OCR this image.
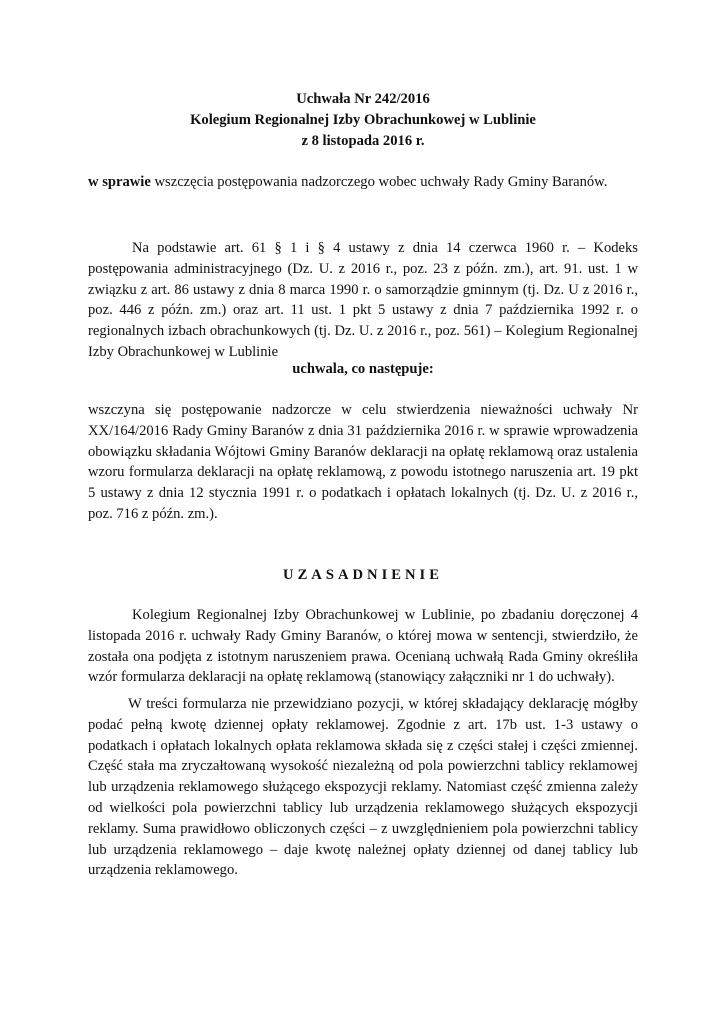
Uchwała Nr 242/2016
Kolegium Regionalnej Izby Obrachunkowej w Lublinie
z 8 listopada 2016 r.

w sprawie wszczęcia postępowania nadzorczego wobec uchwały Rady Gminy Baranów.

Na podstawie art. 61 § 1 i § 4 ustawy z dnia 14 czerwca 1960 r. – Kodeks postępowania administracyjnego (Dz. U. z 2016 r., poz. 23 z późn. zm.), art. 91. ust. 1 w związku z art. 86 ustawy z dnia 8 marca 1990 r. o samorządzie gminnym (tj. Dz. U z 2016 r., poz. 446 z późn. zm.) oraz art. 11 ust. 1 pkt 5 ustawy z dnia 7 października 1992 r. o regionalnych izbach obrachunkowych (tj. Dz. U. z 2016 r., poz. 561) – Kolegium Regionalnej Izby Obrachunkowej w Lublinie

uchwala, co następuje:

wszczyna się postępowanie nadzorcze w celu stwierdzenia nieważności uchwały Nr XX/164/2016 Rady Gminy Baranów z dnia 31 października 2016 r. w sprawie wprowadzenia obowiązku składania Wójtowi Gminy Baranów deklaracji na opłatę reklamową oraz ustalenia wzoru formularza deklaracji na opłatę reklamową, z powodu istotnego naruszenia art. 19 pkt 5 ustawy z dnia 12 stycznia 1991 r. o podatkach i opłatach lokalnych (tj. Dz. U. z 2016 r., poz. 716 z późn. zm.).

UZASADNIENIE

Kolegium Regionalnej Izby Obrachunkowej w Lublinie, po zbadaniu doręczonej 4 listopada 2016 r. uchwały Rady Gminy Baranów, o której mowa w sentencji, stwierdziło, że została ona podjęta z istotnym naruszeniem prawa. Ocenianą uchwałą Rada Gminy określiła wzór formularza deklaracji na opłatę reklamową (stanowiący załączniki nr 1 do uchwały).

W treści formularza nie przewidziano pozycji, w której składający deklarację mógłby podać pełną kwotę dziennej opłaty reklamowej. Zgodnie z art. 17b ust. 1-3 ustawy o podatkach i opłatach lokalnych opłata reklamowa składa się z części stałej i części zmiennej. Część stała ma zryczałtowaną wysokość niezależną od pola powierzchni tablicy reklamowej lub urządzenia reklamowego służącego ekspozycji reklamy. Natomiast część zmienna zależy od wielkości pola powierzchni tablicy lub urządzenia reklamowego służących ekspozycji reklamy. Suma prawidłowo obliczonych części – z uwzględnieniem pola powierzchni tablicy lub urządzenia reklamowego – daje kwotę należnej opłaty dziennej od danej tablicy lub urządzenia reklamowego.
